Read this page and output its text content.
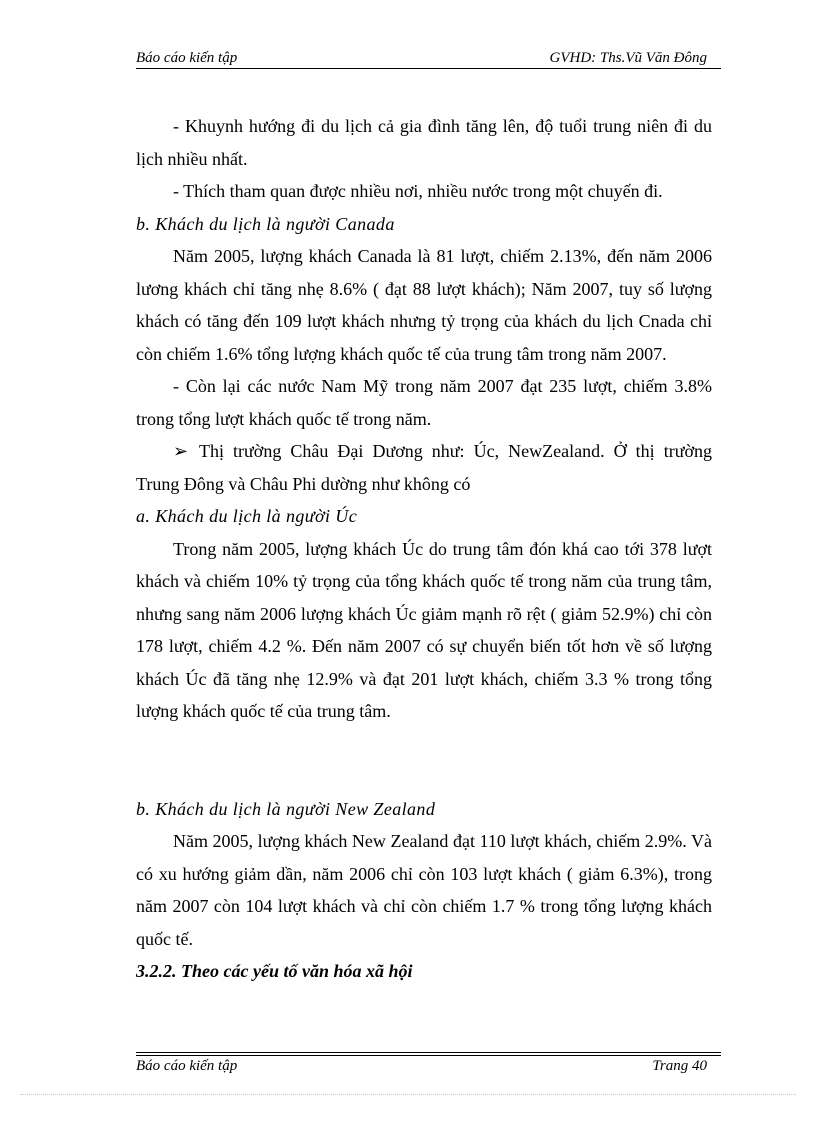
Báo cáo kiến tập	GVHD: Ths.Vũ Văn Đông

- Khuynh hướng đi du lịch cả gia đình tăng lên, độ tuổi trung niên đi du lịch nhiều nhất.

- Thích tham quan được nhiều nơi, nhiều nước trong một chuyến đi.

b. Khách du lịch là người Canada

Năm 2005, lượng khách Canada là 81 lượt, chiếm 2.13%, đến năm 2006 lương khách chỉ tăng nhẹ 8.6% ( đạt 88 lượt khách); Năm 2007, tuy số lượng khách có tăng đến 109 lượt khách nhưng tỷ trọng của khách du lịch Cnada chỉ còn chiếm 1.6% tổng lượng khách quốc tế của trung tâm trong năm 2007.

- Còn lại các nước Nam Mỹ trong năm 2007 đạt 235 lượt, chiếm 3.8% trong tổng lượt khách quốc tế trong năm.

➢ Thị trường Châu Đại Dương như: Úc, NewZealand. Ở thị trường Trung Đông và Châu Phi dường như không có

a. Khách du lịch là người Úc

Trong năm 2005, lượng khách Úc do trung tâm đón khá cao tới 378 lượt khách và chiếm 10% tỷ trọng của tổng khách quốc tế trong năm của trung tâm, nhưng sang năm 2006 lượng khách Úc giảm mạnh rõ rệt ( giảm 52.9%) chỉ còn 178 lượt, chiếm 4.2 %. Đến năm 2007 có sự chuyển biến tốt hơn về số lượng khách Úc đã tăng nhẹ 12.9% và đạt 201 lượt khách, chiếm 3.3 % trong tổng lượng khách quốc tế của trung tâm.

b. Khách du lịch là người New Zealand

Năm 2005, lượng khách New Zealand đạt 110 lượt khách, chiếm 2.9%. Và có xu hướng giảm dần, năm 2006 chỉ còn 103 lượt khách ( giảm 6.3%), trong năm 2007 còn 104 lượt khách và chỉ còn chiếm 1.7 % trong tổng lượng khách quốc tế.

3.2.2. Theo các yếu tố văn hóa xã hội

Báo cáo kiến tập	Trang 40
